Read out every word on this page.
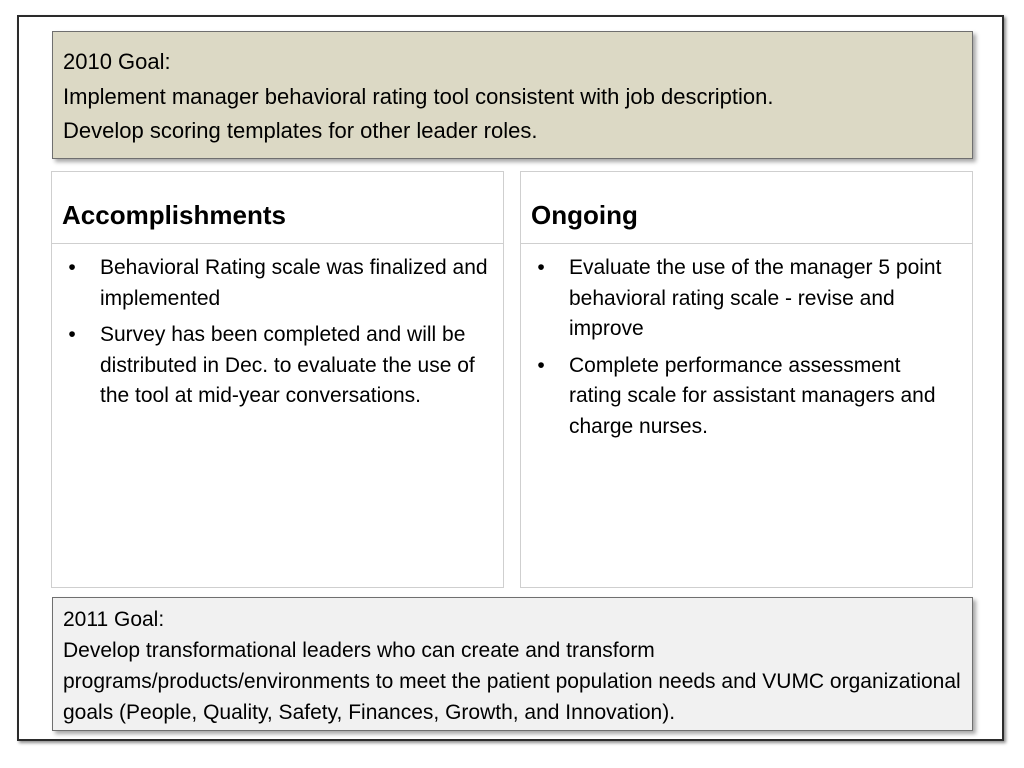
2010 Goal:
Implement manager behavioral rating tool consistent with job description.
Develop scoring templates for other leader roles.
Accomplishments
•	Behavioral Rating scale was finalized and implemented
•	Survey has been completed and will be distributed in Dec. to evaluate the use of the tool at mid-year conversations.
Ongoing
•	Evaluate the use of the manager 5 point behavioral rating scale - revise and improve
•	Complete performance assessment rating scale for assistant managers and charge nurses.
2011 Goal:
Develop transformational leaders who can create and transform programs/products/environments to meet the patient population needs and VUMC organizational goals (People, Quality, Safety, Finances, Growth, and Innovation).
